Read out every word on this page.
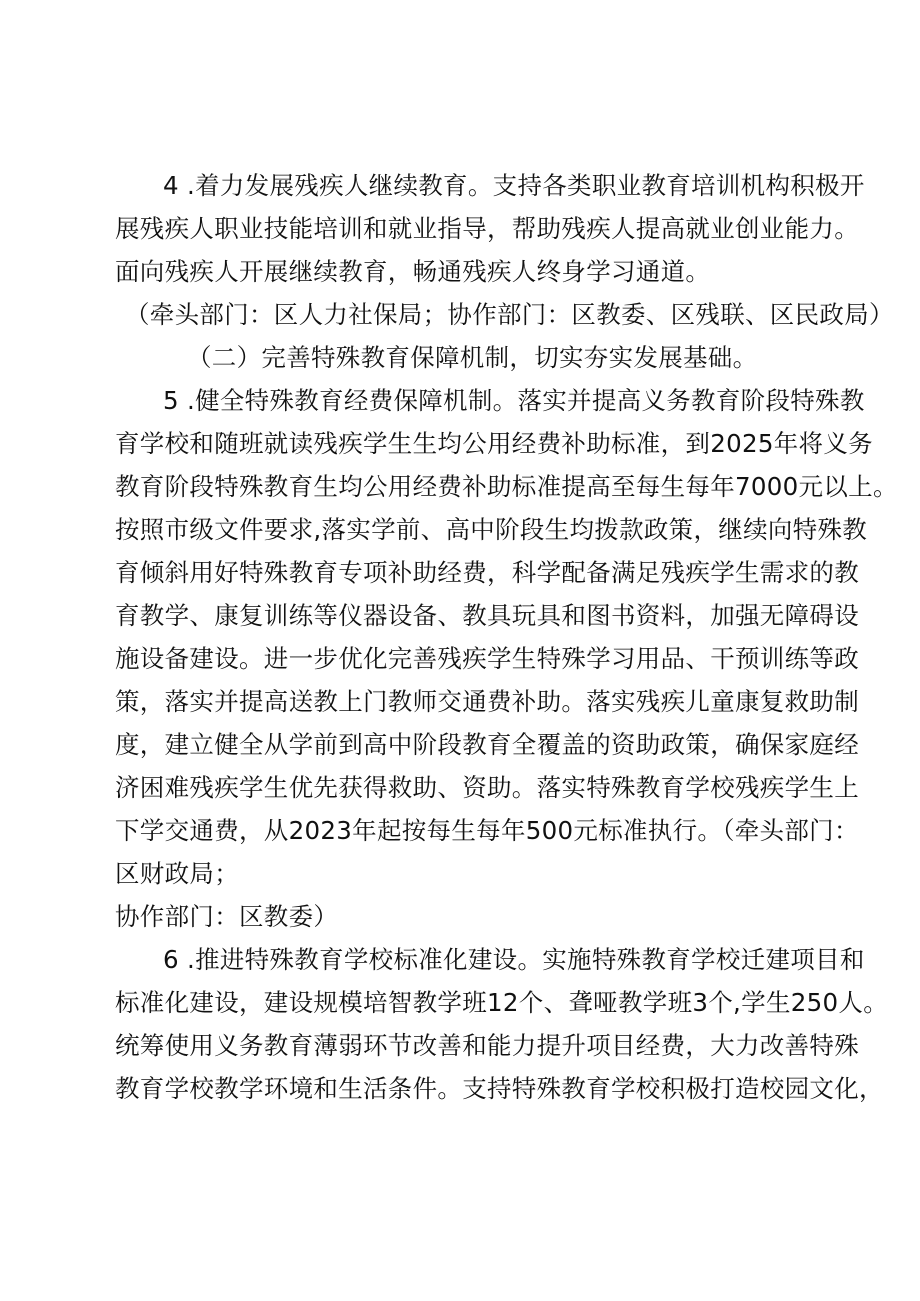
4 .着力发展残疾人继续教育。支持各类职业教育培训机构积极开
展残疾人职业技能培训和就业指导，帮助残疾人提高就业创业能力。
面向残疾人开展继续教育，畅通残疾人终身学习通道。
（牵头部门：区人力社保局；协作部门：区教委、区残联、区民政局）
（二）完善特殊教育保障机制，切实夯实发展基础。
5 .健全特殊教育经费保障机制。落实并提高义务教育阶段特殊教
育学校和随班就读残疾学生生均公用经费补助标准，到2025年将义务
教育阶段特殊教育生均公用经费补助标准提高至每生每年7000元以上。
按照市级文件要求,落实学前、高中阶段生均拨款政策，继续向特殊教
育倾斜用好特殊教育专项补助经费，科学配备满足残疾学生需求的教
育教学、康复训练等仪器设备、教具玩具和图书资料，加强无障碍设
施设备建设。进一步优化完善残疾学生特殊学习用品、干预训练等政
策，落实并提高送教上门教师交通费补助。落实残疾儿童康复救助制
度，建立健全从学前到高中阶段教育全覆盖的资助政策，确保家庭经
济困难残疾学生优先获得救助、资助。落实特殊教育学校残疾学生上
下学交通费，从2023年起按每生每年500元标准执行。（牵头部门：
区财政局；
协作部门：区教委）
6 .推进特殊教育学校标准化建设。实施特殊教育学校迁建项目和
标准化建设，建设规模培智教学班12个、聋哑教学班3个,学生250人。
统筹使用义务教育薄弱环节改善和能力提升项目经费，大力改善特殊
教育学校教学环境和生活条件。支持特殊教育学校积极打造校园文化，
